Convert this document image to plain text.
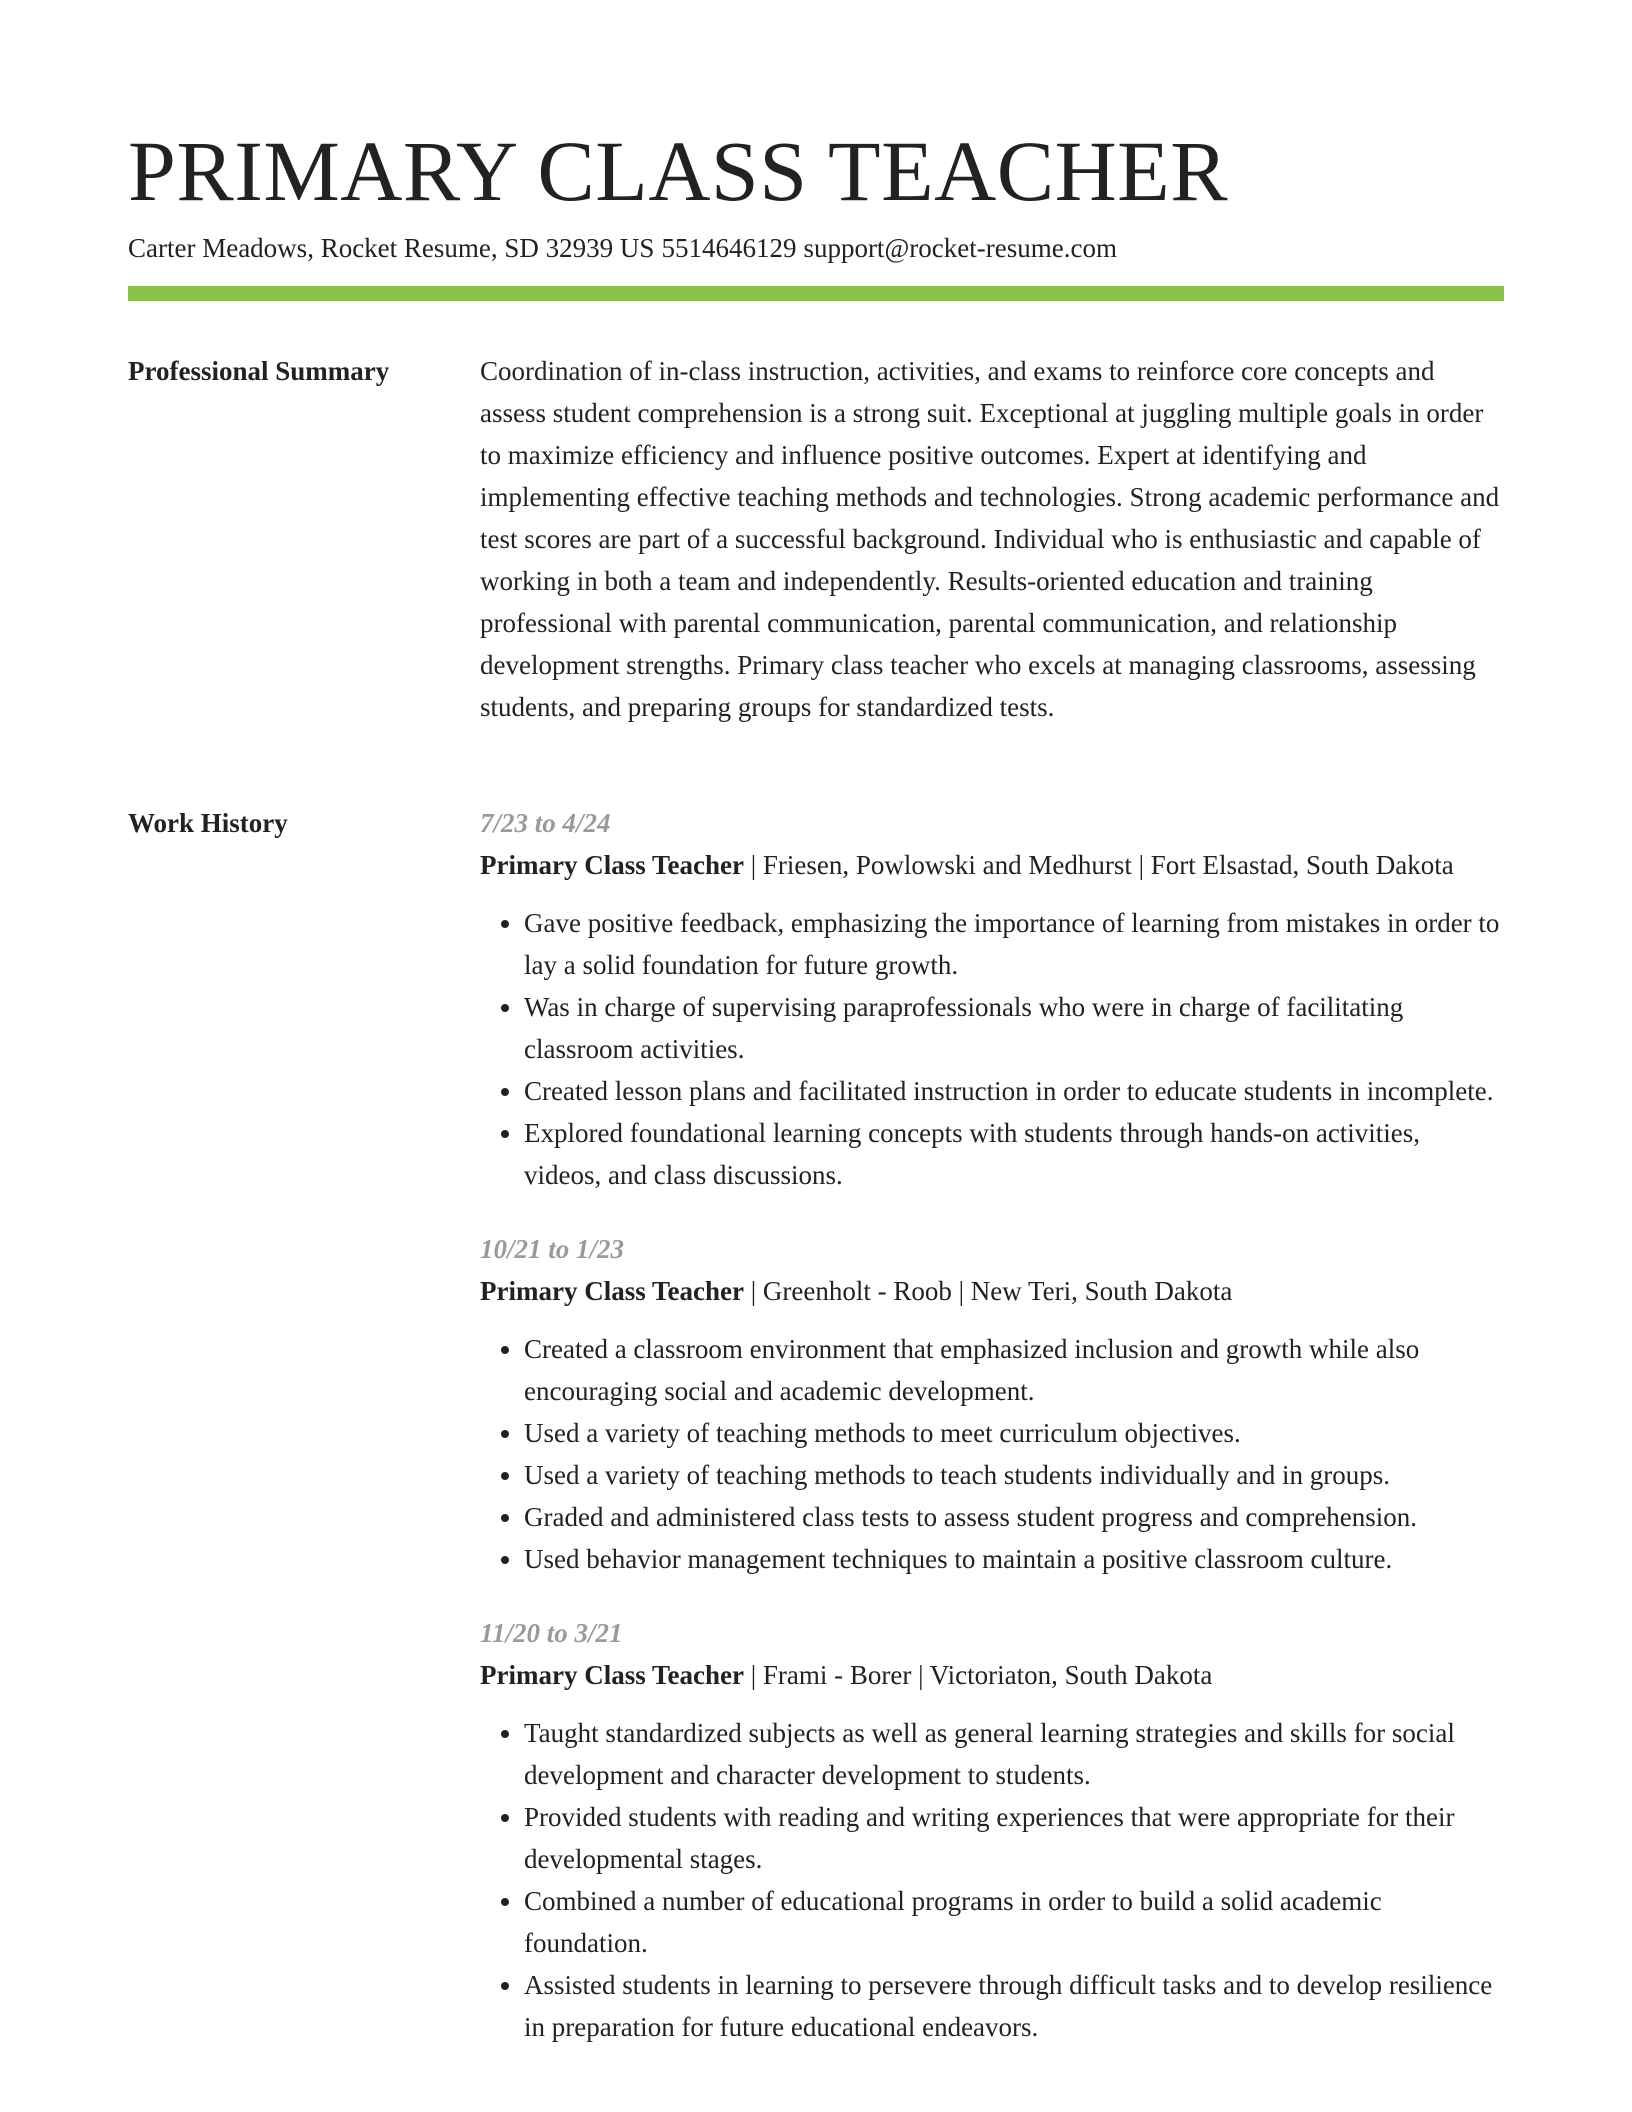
PRIMARY CLASS TEACHER
Carter Meadows, Rocket Resume, SD 32939 US 5514646129 support@rocket-resume.com
Professional Summary	Coordination of in-class instruction, activities, and exams to reinforce core concepts and assess student comprehension is a strong suit. Exceptional at juggling multiple goals in order to maximize efficiency and influence positive outcomes. Expert at identifying and implementing effective teaching methods and technologies. Strong academic performance and test scores are part of a successful background. Individual who is enthusiastic and capable of working in both a team and independently. Results-oriented education and training professional with parental communication, parental communication, and relationship development strengths. Primary class teacher who excels at managing classrooms, assessing students, and preparing groups for standardized tests.

Work History	7/23 to 4/24
Primary Class Teacher | Friesen, Powlowski and Medhurst | Fort Elsastad, South Dakota
• Gave positive feedback, emphasizing the importance of learning from mistakes in order to lay a solid foundation for future growth.
• Was in charge of supervising paraprofessionals who were in charge of facilitating classroom activities.
• Created lesson plans and facilitated instruction in order to educate students in incomplete.
• Explored foundational learning concepts with students through hands-on activities, videos, and class discussions.
10/21 to 1/23
Primary Class Teacher | Greenholt - Roob | New Teri, South Dakota
• Created a classroom environment that emphasized inclusion and growth while also encouraging social and academic development.
• Used a variety of teaching methods to meet curriculum objectives.
• Used a variety of teaching methods to teach students individually and in groups.
• Graded and administered class tests to assess student progress and comprehension.
• Used behavior management techniques to maintain a positive classroom culture.
11/20 to 3/21
Primary Class Teacher | Frami - Borer | Victoriaton, South Dakota
• Taught standardized subjects as well as general learning strategies and skills for social development and character development to students.
• Provided students with reading and writing experiences that were appropriate for their developmental stages.
• Combined a number of educational programs in order to build a solid academic foundation.
• Assisted students in learning to persevere through difficult tasks and to develop resilience in preparation for future educational endeavors.
